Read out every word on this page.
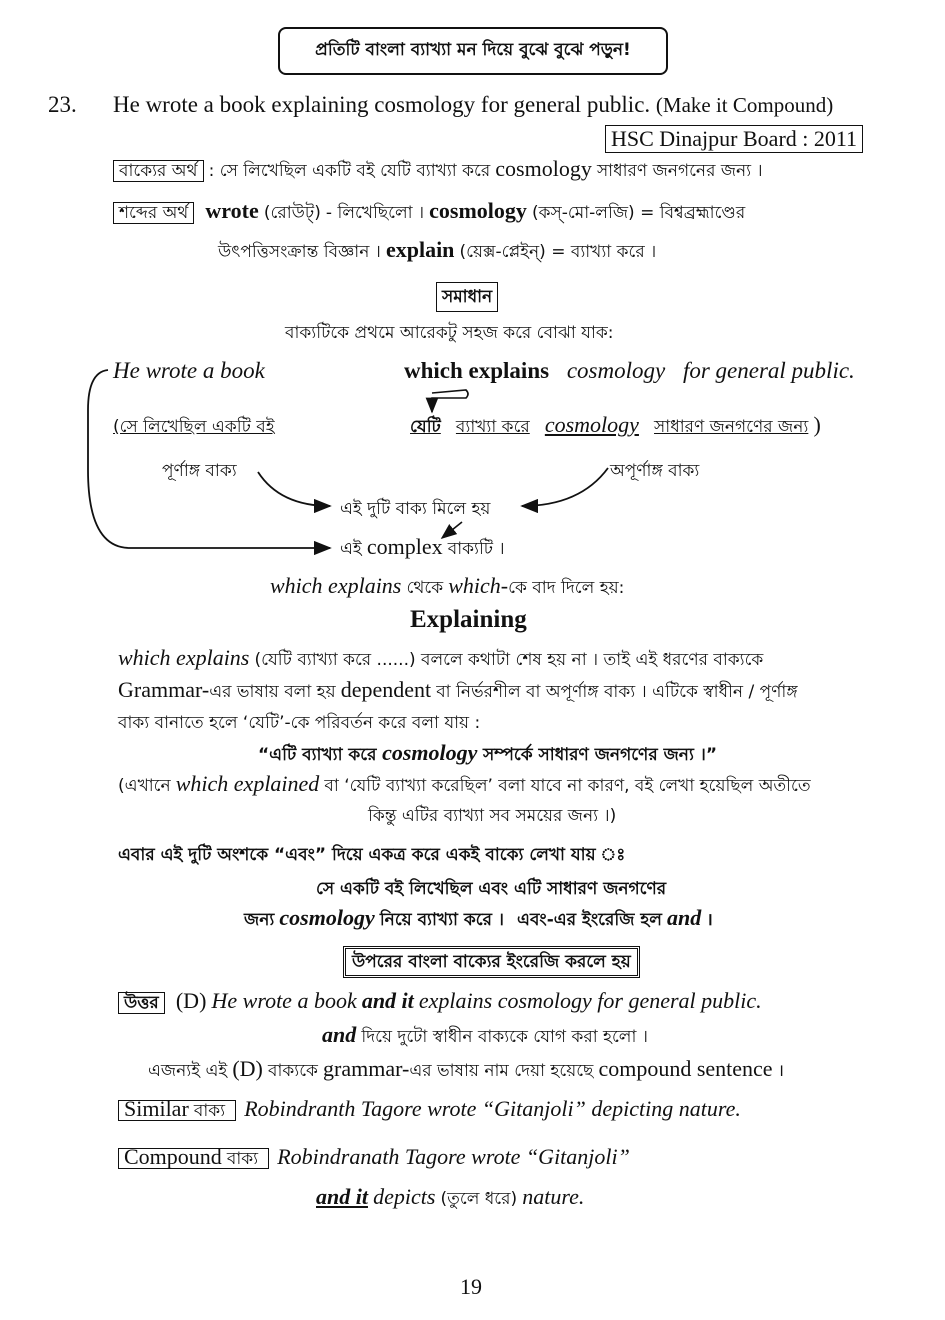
প্রতিটি বাংলা ব্যাখ্যা মন দিয়ে বুঝে বুঝে পড়ুন!
23. He wrote a book explaining cosmology for general public. (Make it Compound)
HSC Dinajpur Board : 2011
বাক্যের অর্থ : সে লিখেছিল একটি বই যেটি ব্যাখ্যা করে cosmology সাধারণ জনগনের জন্য ।
শব্দের অর্থ wrote (রোউট্) - লিখেছিলো । cosmology (কস্-মো-লজি) = বিশ্বব্রহ্মাণ্ডের
উৎপত্তিসংক্রান্ত বিজ্ঞান । explain (য়েক্স-প্লেইন্) = ব্যাখ্যা করে ।
সমাধান
বাক্যটিকে প্রথমে আরেকটু সহজ করে বোঝা যাক:
He wrote a book	which explains cosmology for general public.
(সে লিখেছিল একটি বই	যেটি ব্যাখ্যা করে cosmology সাধারণ জনগণের জন্য )
পূর্ণাঙ্গ বাক্য	অপূর্ণাঙ্গ বাক্য
এই দুটি বাক্য মিলে হয়
এই complex বাক্যটি ।
which explains থেকে which-কে বাদ দিলে হয়:
Explaining
which explains (যেটি ব্যাখ্যা করে ......) বললে কথাটা শেষ হয় না । তাই এই ধরণের বাক্যকে
Grammar-এর ভাষায় বলা হয় dependent বা নির্ভরশীল বা অপূর্ণাঙ্গ বাক্য । এটিকে স্বাধীন / পূর্ণাঙ্গ
বাক্য বানাতে হলে ‘যেটি’-কে পরিবর্তন করে বলা যায় :
“এটি ব্যাখ্যা করে cosmology সম্পর্কে সাধারণ জনগণের জন্য ।”
(এখানে which explained বা ‘যেটি ব্যাখ্যা করেছিল’ বলা যাবে না কারণ, বই লেখা হয়েছিল অতীতে
কিন্তু এটির ব্যাখ্যা সব সময়ের জন্য ।)
এবার এই দুটি অংশকে “এবং” দিয়ে একত্র করে একই বাক্যে লেখা যায় ঃ
সে একটি বই লিখেছিল এবং এটি সাধারণ জনগণের
জন্য cosmology নিয়ে ব্যাখ্যা করে । এবং-এর ইংরেজি হল and ।
উপরের বাংলা বাক্যের ইংরেজি করলে হয়
উত্তর (D) He wrote a book and it explains cosmology for general public.
and দিয়ে দুটো স্বাধীন বাক্যকে যোগ করা হলো ।
এজন্যই এই (D) বাক্যকে grammar-এর ভাষায় নাম দেয়া হয়েছে compound sentence ।
Similar বাক্য Robindranth Tagore wrote “Gitanjoli” depicting nature.
Compound বাক্য Robindranath Tagore wrote “Gitanjoli”
and it depicts (তুলে ধরে) nature.
19
